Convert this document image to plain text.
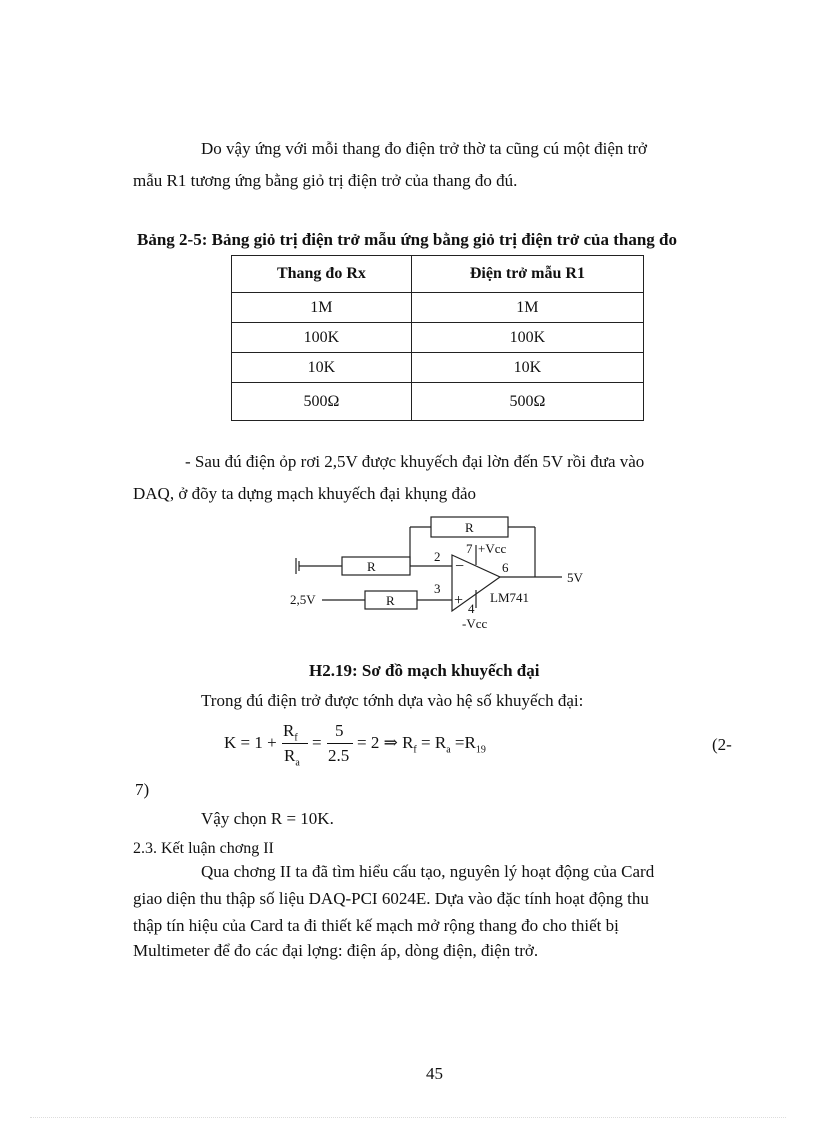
Do vậy ứng với mỗi thang đo điện trở thờ ta cũng cú một điện trở
mẫu R1 tương ứng bằng giỏ trị điện trở của thang đo đú.
Bảng 2-5: Bảng giỏ trị điện trở mẫu ứng bằng giỏ trị điện trở của thang đo
Thang đo Rx	Điện trở mẫu R1
1M	1M
100K	100K
10K	10K
500Ω	500Ω
- Sau đú điện ỏp rơi 2,5V được khuyếch đại lờn đến 5V rồi đưa vào
DAQ, ở đõy ta dựng mạch khuyếch đại khụng đảo
R
R
R
2
3
7 +Vcc
6
5V
2,5V	LM741
4
-Vcc
−
+
H2.19: Sơ đồ mạch khuyếch đại
Trong đú điện trở được tớnh dựa vào hệ số khuyếch đại:
K = 1 +
$R_f$
$R_a$
=
5
2.5
= 2 ⇒ $R_f = R_a =R_{19}$	(2-
7)
Vậy chọn R = 10K.
2.3. Kết luận chơng II
Qua chơng II ta đã tìm hiểu cấu tạo, nguyên lý hoạt động của Card
giao diện thu thập số liệu DAQ-PCI 6024E. Dựa vào đặc tính hoạt động thu
thập tín hiệu của Card ta đi thiết kế mạch mở rộng thang đo cho thiết bị
Multimeter để đo các đại lợng: điện áp, dòng điện, điện trở.
45
